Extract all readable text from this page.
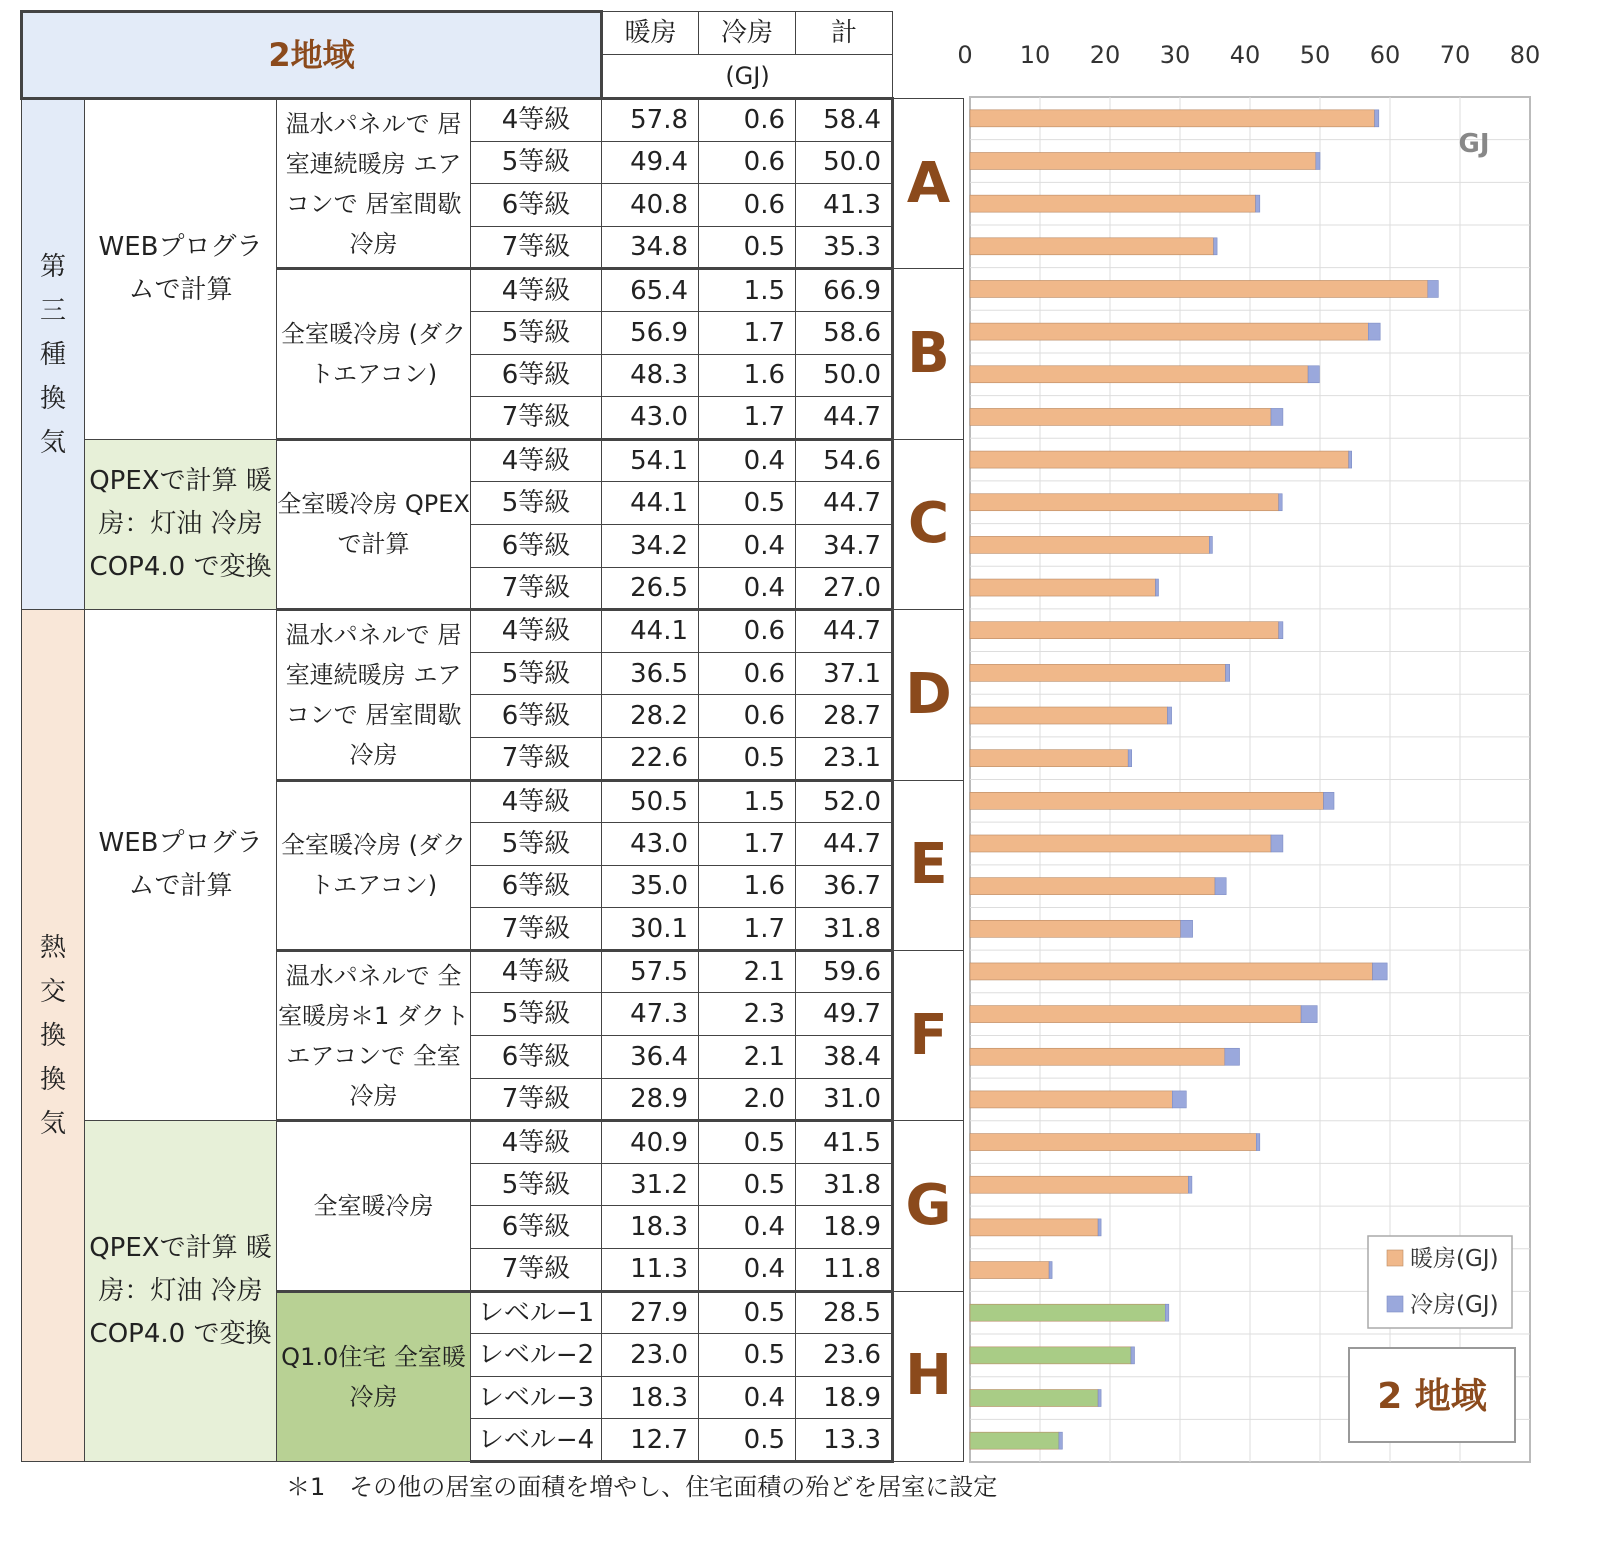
2地域				暖房	冷房	計	
				(GJ)			
第三種換気	WEBプログラムで計算	温水パネルで 居室連続暖房 エアコンで 居室間歇冷房	4等級	57.8	0.6	58.4	A
			5等級	49.4	0.6	50.0	
			6等級	40.8	0.6	41.3	
			7等級	34.8	0.5	35.3	
		全室暖冷房 (ダクトエアコン)	4等級	65.4	1.5	66.9	B
			5等級	56.9	1.7	58.6	
			6等級	48.3	1.6	50.0	
			7等級	43.0	1.7	44.7	
	QPEXで計算 暖房：灯油 冷房COP4.0 で変換	全室暖冷房 QPEXで計算	4等級	54.1	0.4	54.6	C
			5等級	44.1	0.5	44.7	
			6等級	34.2	0.4	34.7	
			7等級	26.5	0.4	27.0	
熱交換換気	WEBプログラムで計算	温水パネルで 居室連続暖房 エアコンで 居室間歇冷房	4等級	44.1	0.6	44.7	D
			5等級	36.5	0.6	37.1	
			6等級	28.2	0.6	28.7	
			7等級	22.6	0.5	23.1	
		全室暖冷房 (ダクトエアコン)	4等級	50.5	1.5	52.0	E
			5等級	43.0	1.7	44.7	
			6等級	35.0	1.6	36.7	
			7等級	30.1	1.7	31.8	
		温水パネルで 全室暖房＊1 ダクトエアコンで 全室冷房	4等級	57.5	2.1	59.6	F
			5等級	47.3	2.3	49.7	
			6等級	36.4	2.1	38.4	
			7等級	28.9	2.0	31.0	
	QPEXで計算 暖房：灯油 冷房COP4.0 で変換	全室暖冷房	4等級	40.9	0.5	41.5	G
			5等級	31.2	0.5	31.8	
			6等級	18.3	0.4	18.9	
			7等級	11.3	0.4	11.8	
		Q1.0住宅 全室暖冷房	レベル−1	27.9	0.5	28.5	H
			レベル−2	23.0	0.5	23.6	
			レベル−3	18.3	0.4	18.9	
			レベル−4	12.7	0.5	13.3	
0 10 20 30 40 50 60 70 80
GJ
暖房(GJ)
冷房(GJ)
2 地域
＊1　その他の居室の面積を増やし、住宅面積の殆どを居室に設定
